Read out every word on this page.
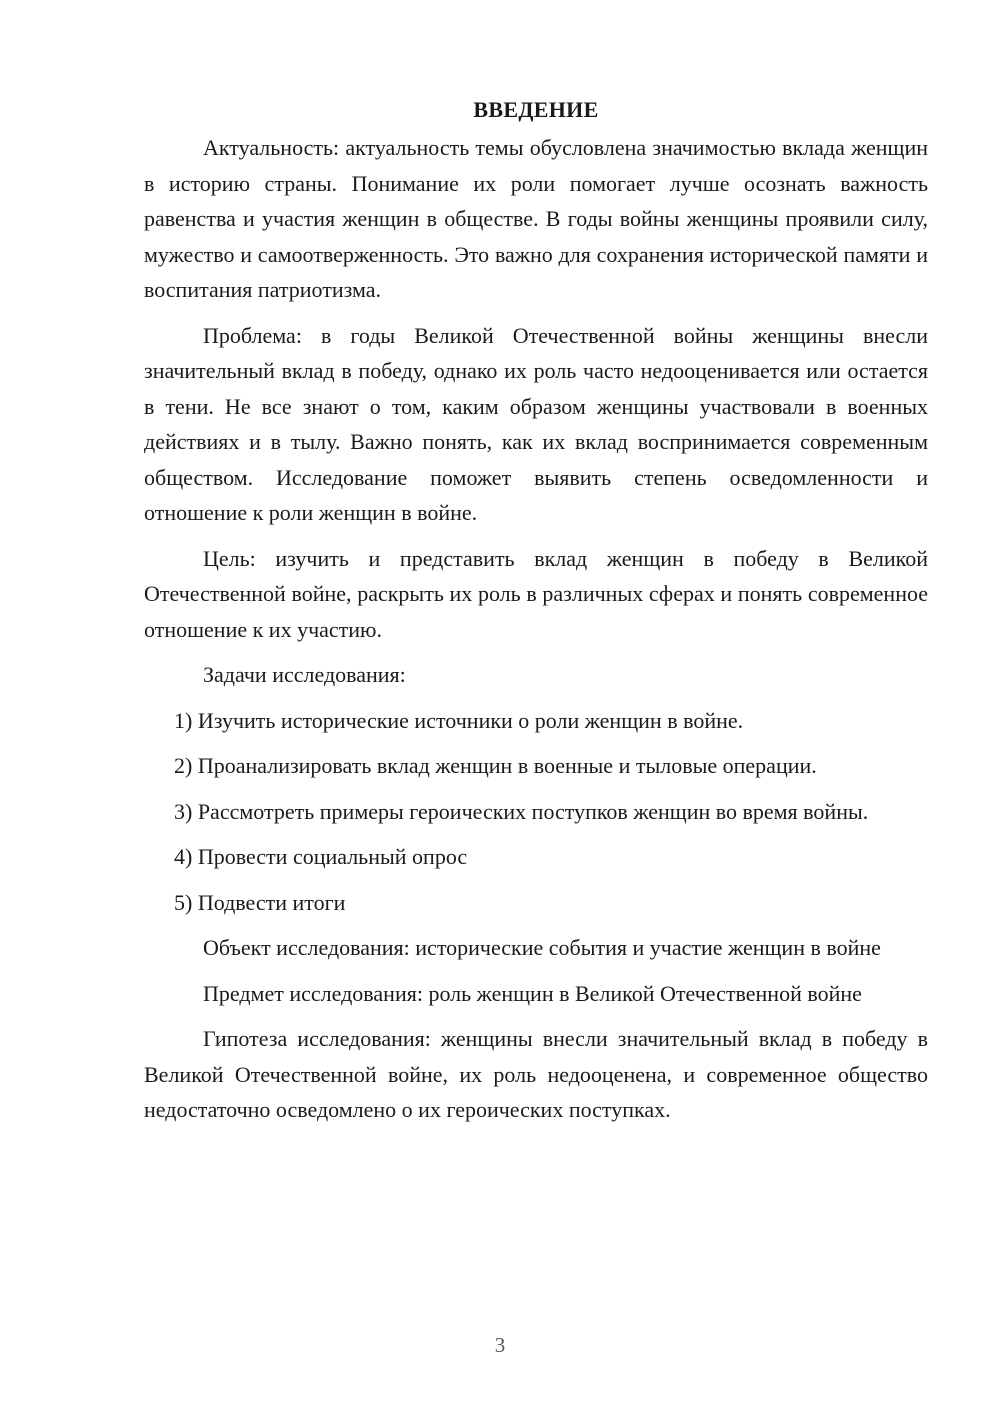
ВВЕДЕНИЕ

Актуальность: актуальность темы обусловлена значимостью вклада женщин в историю страны. Понимание их роли помогает лучше осознать важность равенства и участия женщин в обществе. В годы войны женщины проявили силу, мужество и самоотверженность. Это важно для сохранения исторической памяти и воспитания патриотизма.

Проблема: в годы Великой Отечественной войны женщины внесли значительный вклад в победу, однако их роль часто недооценивается или остается в тени. Не все знают о том, каким образом женщины участвовали в военных действиях и в тылу. Важно понять, как их вклад воспринимается современным обществом. Исследование поможет выявить степень осведомленности и отношение к роли женщин в войне.

Цель: изучить и представить вклад женщин в победу в Великой Отечественной войне, раскрыть их роль в различных сферах и понять современное отношение к их участию.

Задачи исследования:

1) Изучить исторические источники о роли женщин в войне.

2) Проанализировать вклад женщин в военные и тыловые операции.

3) Рассмотреть примеры героических поступков женщин во время войны.

4) Провести социальный опрос

5) Подвести итоги

Объект исследования: исторические события и участие женщин в войне

Предмет исследования: роль женщин в Великой Отечественной войне

Гипотеза исследования: женщины внесли значительный вклад в победу в Великой Отечественной войне, их роль недооценена, и современное общество недостаточно осведомлено о их героических поступках.

3
